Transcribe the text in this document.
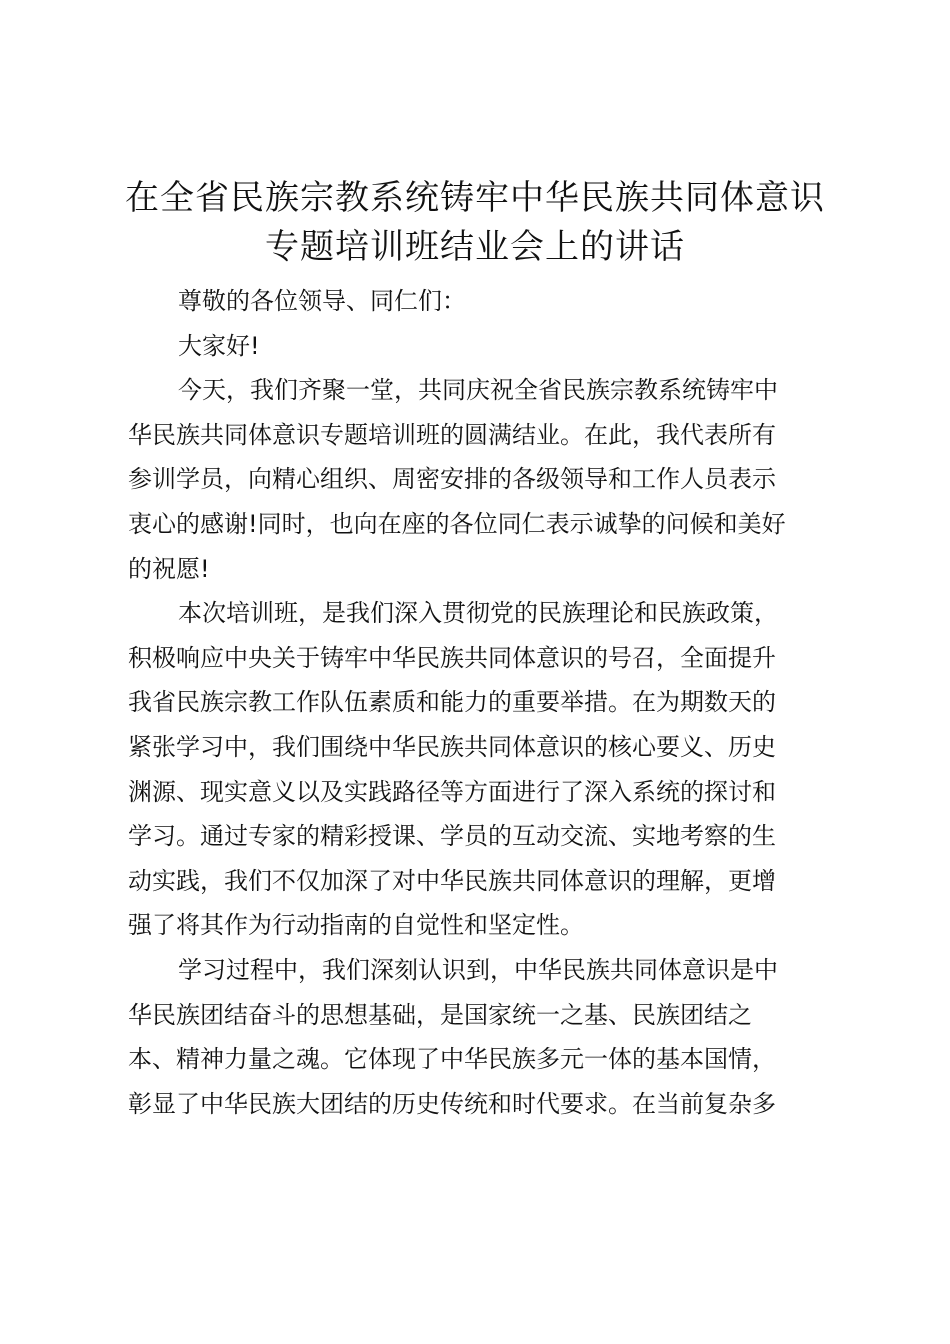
在全省民族宗教系统铸牢中华民族共同体意识
专题培训班结业会上的讲话
尊敬的各位领导、同仁们：
大家好!
今天，我们齐聚一堂，共同庆祝全省民族宗教系统铸牢中
华民族共同体意识专题培训班的圆满结业。在此，我代表所有
参训学员，向精心组织、周密安排的各级领导和工作人员表示
衷心的感谢!同时，也向在座的各位同仁表示诚挚的问候和美好
的祝愿!
本次培训班，是我们深入贯彻党的民族理论和民族政策，
积极响应中央关于铸牢中华民族共同体意识的号召，全面提升
我省民族宗教工作队伍素质和能力的重要举措。在为期数天的
紧张学习中，我们围绕中华民族共同体意识的核心要义、历史
渊源、现实意义以及实践路径等方面进行了深入系统的探讨和
学习。通过专家的精彩授课、学员的互动交流、实地考察的生
动实践，我们不仅加深了对中华民族共同体意识的理解，更增
强了将其作为行动指南的自觉性和坚定性。
学习过程中，我们深刻认识到，中华民族共同体意识是中
华民族团结奋斗的思想基础，是国家统一之基、民族团结之
本、精神力量之魂。它体现了中华民族多元一体的基本国情，
彰显了中华民族大团结的历史传统和时代要求。在当前复杂多
